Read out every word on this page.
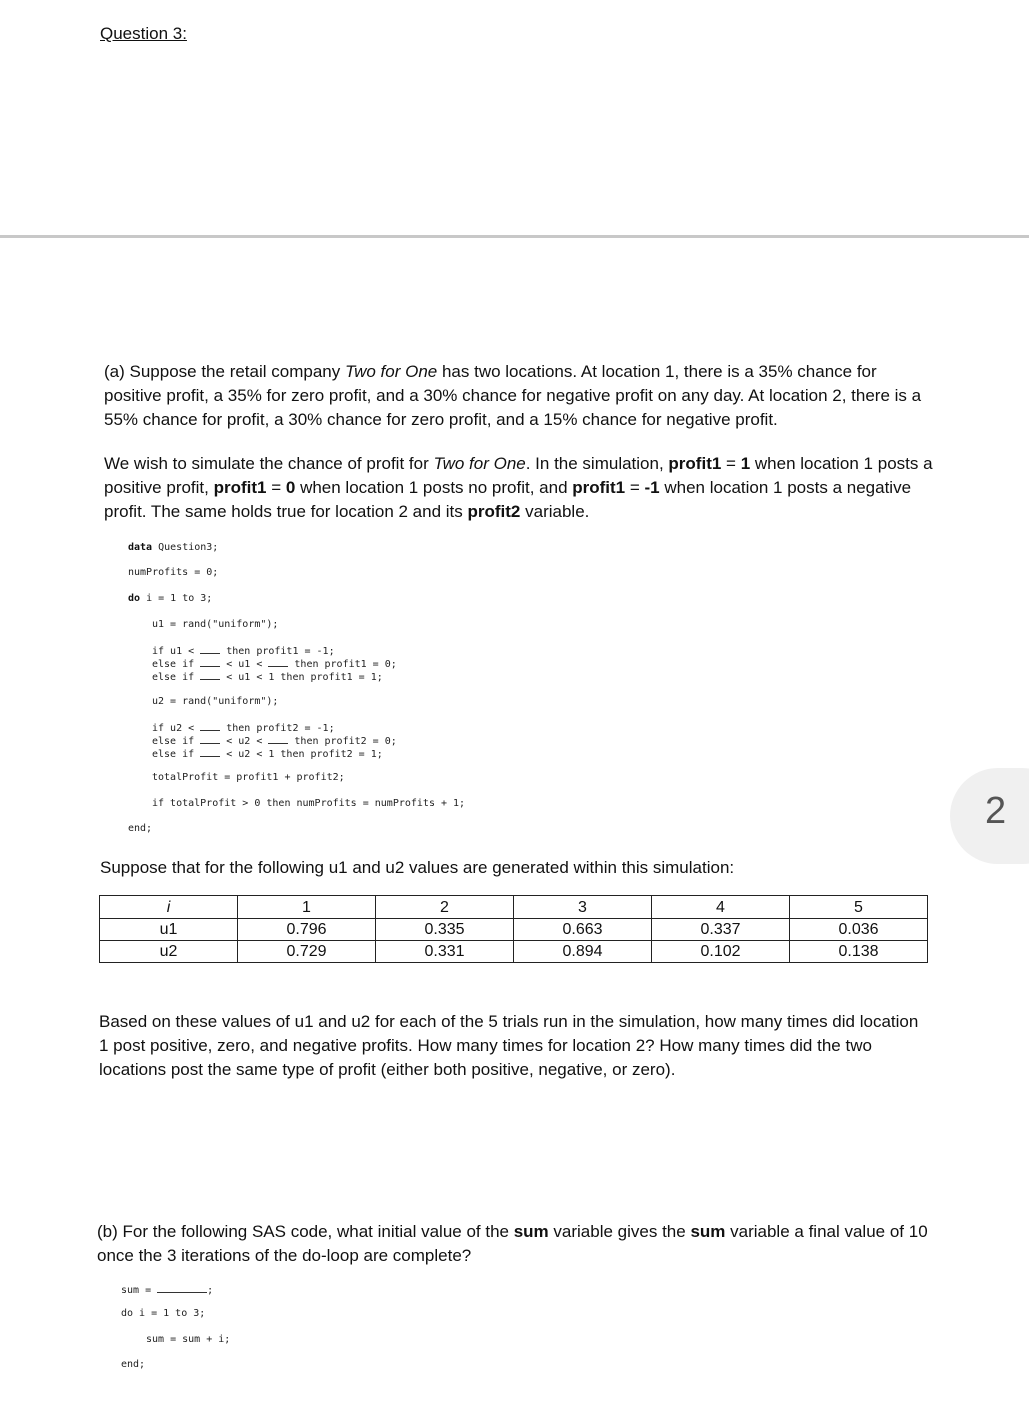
Question 3:
(a) Suppose the retail company Two for One has two locations. At location 1, there is a 35% chance for positive profit, a 35% for zero profit, and a 30% chance for negative profit on any day. At location 2, there is a 55% chance for profit, a 30% chance for zero profit, and a 15% chance for negative profit.
We wish to simulate the chance of profit for Two for One. In the simulation, profit1 = 1 when location 1 posts a positive profit, profit1 = 0 when location 1 posts no profit, and profit1 = -1 when location 1 posts a negative profit. The same holds true for location 2 and its profit2 variable.
data Question3;
numProfits = 0;
do i = 1 to 3;
u1 = rand("uniform");
if u1 <	then profit1 = -1;
else if	< u1 <	then profit1 = 0;
else if	< u1 < 1 then profit1 = 1;
u2 = rand("uniform");
if u2 <	then profit2 = -1;
else if	< u2 <	then profit2 = 0;
else if	< u2 < 1 then profit2 = 1;
totalProfit = profit1 + profit2;
if totalProfit > 0 then numProfits = numProfits + 1;
end;	2
Suppose that for the following u1 and u2 values are generated within this simulation:
i	1	2	3	4	5
u1	0.796	0.335	0.663	0.337	0.036
u2	0.729	0.331	0.894	0.102	0.138
Based on these values of u1 and u2 for each of the 5 trials run in the simulation, how many times did location 1 post positive, zero, and negative profits. How many times for location 2? How many times did the two locations post the same type of profit (either both positive, negative, or zero).
(b) For the following SAS code, what initial value of the sum variable gives the sum variable a final value of 10 once the 3 iterations of the do-loop are complete?
sum =	;
do i = 1 to 3;
sum = sum + i;
end;
